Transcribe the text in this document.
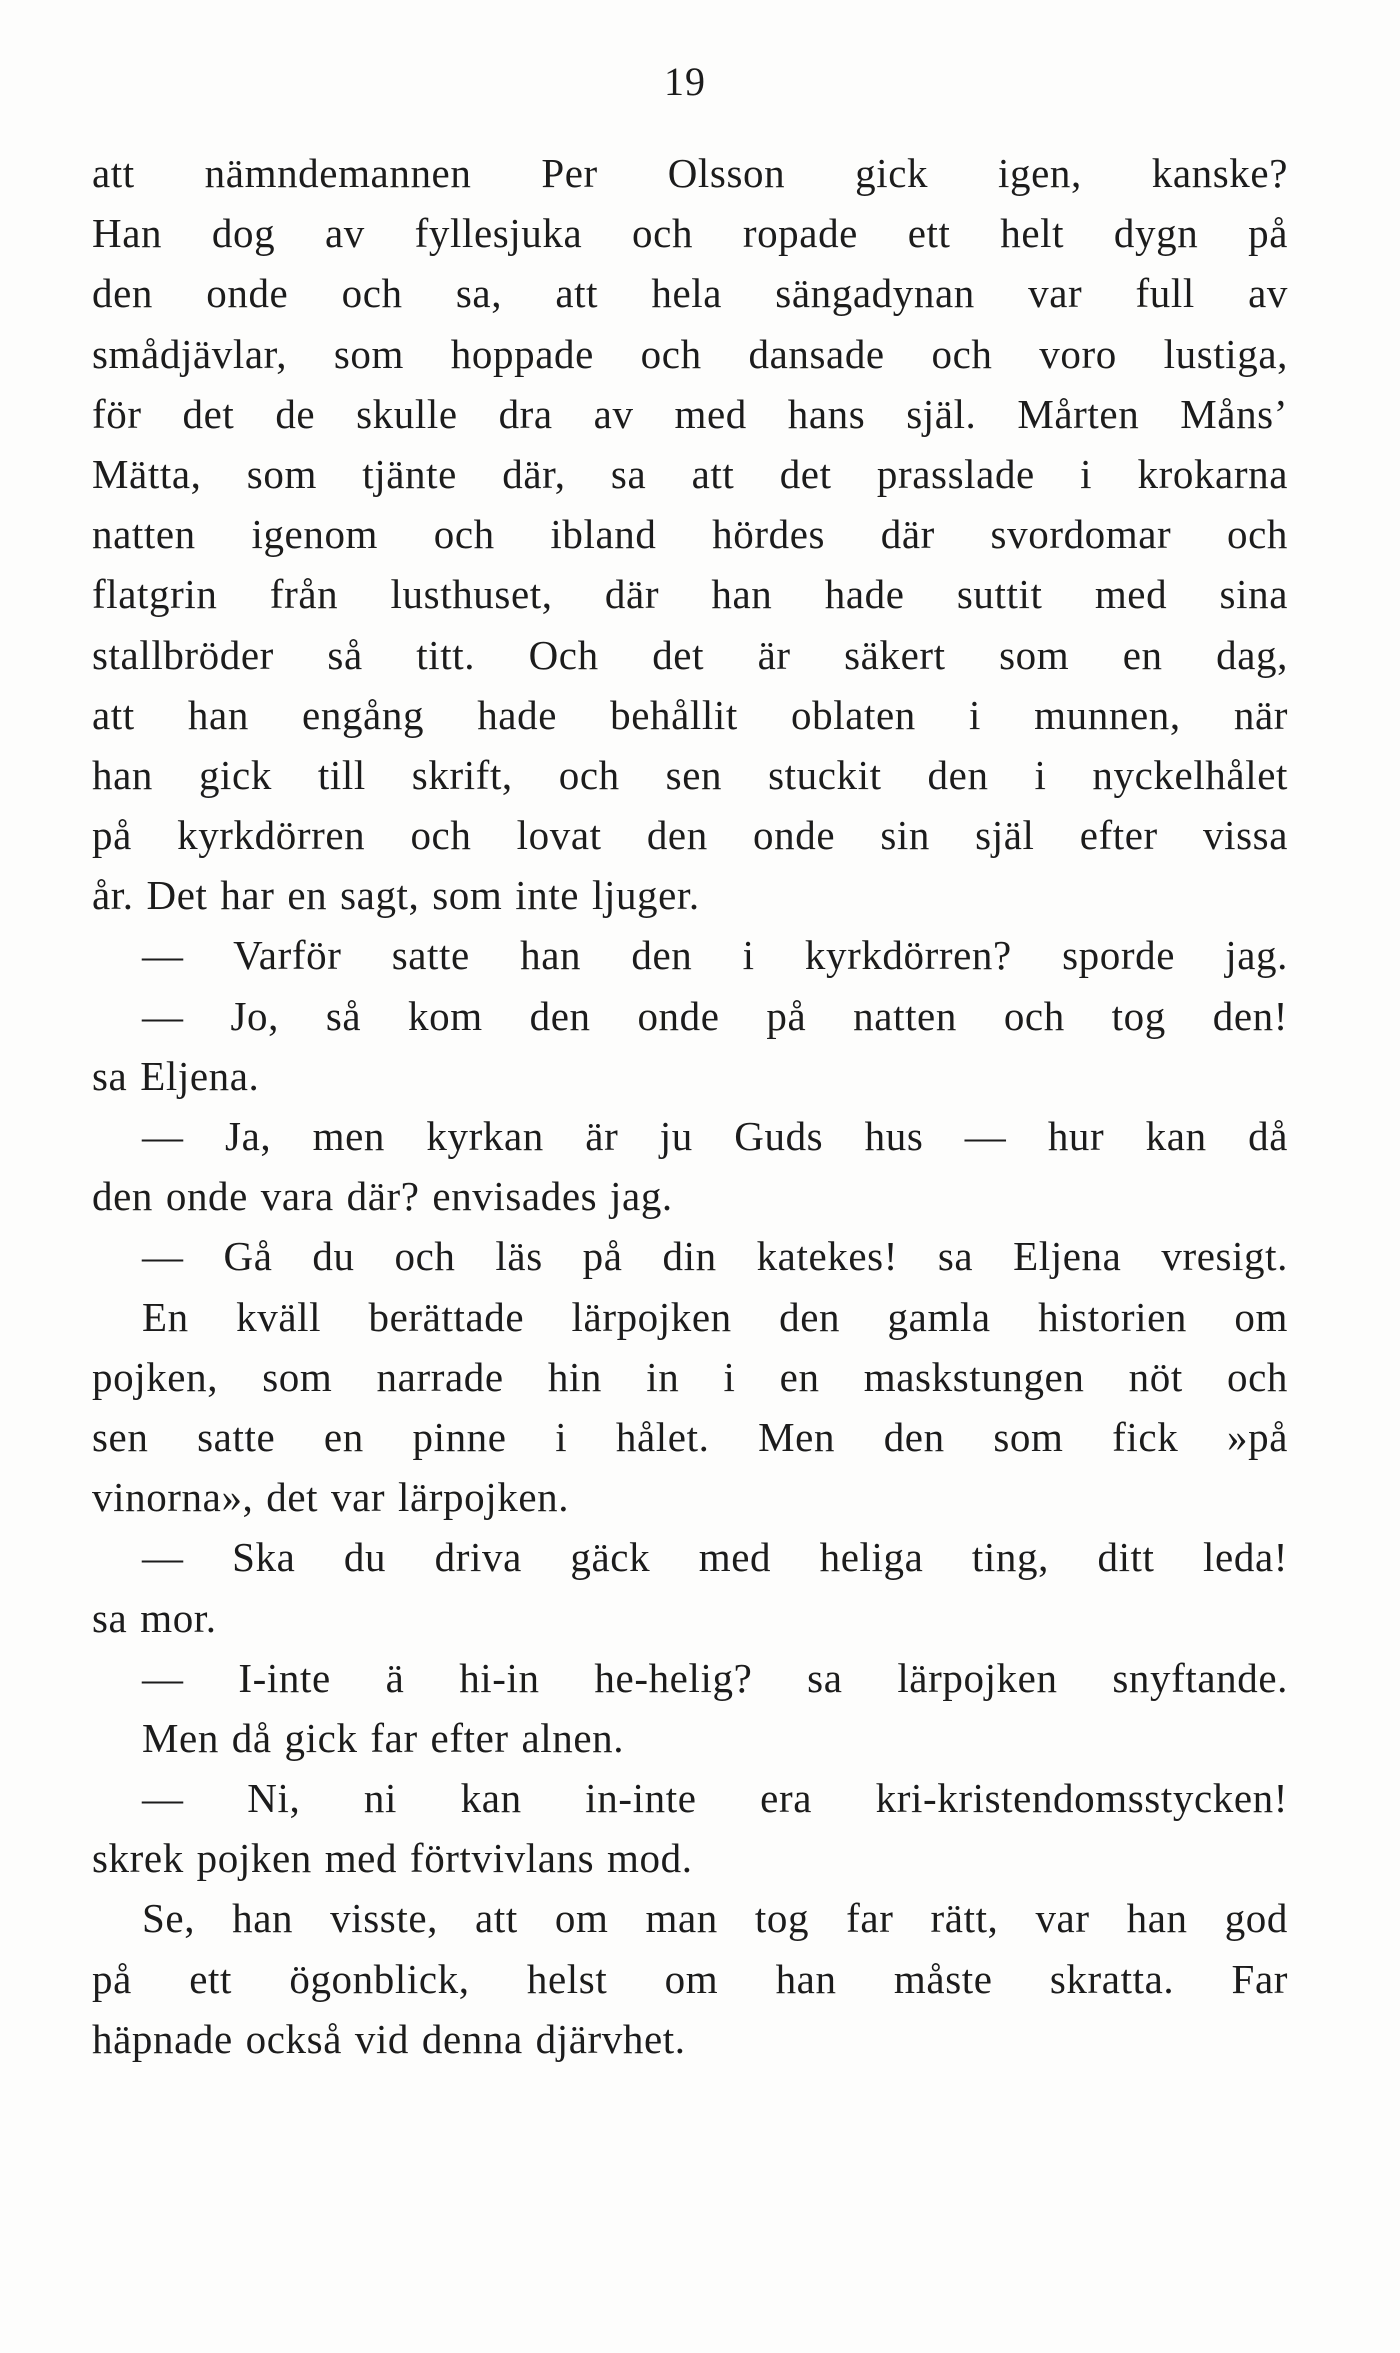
19
att nämndemannen Per Olsson gick igen, kanske?
Han dog av fyllesjuka och ropade ett helt dygn på
den onde och sa, att hela sängadynan var full av
smådjävlar, som hoppade och dansade och voro lustiga,
för det de skulle dra av med hans själ. Mårten Måns’
Mätta, som tjänte där, sa att det prasslade i krokarna
natten igenom och ibland hördes där svordomar och
flatgrin från lusthuset, där han hade suttit med sina
stallbröder så titt. Och det är säkert som en dag,
att han engång hade behållit oblaten i munnen, när
han gick till skrift, och sen stuckit den i nyckelhålet
på kyrkdörren och lovat den onde sin själ efter vissa
år. Det har en sagt, som inte ljuger.
— Varför satte han den i kyrkdörren? sporde jag.
— Jo, så kom den onde på natten och tog den!
sa Eljena.
— Ja, men kyrkan är ju Guds hus — hur kan då
den onde vara där? envisades jag.
— Gå du och läs på din katekes! sa Eljena vresigt.
En kväll berättade lärpojken den gamla historien om
pojken, som narrade hin in i en maskstungen nöt och
sen satte en pinne i hålet. Men den som fick »på
vinorna», det var lärpojken.
— Ska du driva gäck med heliga ting, ditt leda!
sa mor.
— I-inte ä hi-in he-helig? sa lärpojken snyftande.
Men då gick far efter alnen.
— Ni, ni kan in-inte era kri-kristendomsstycken!
skrek pojken med förtvivlans mod.
Se, han visste, att om man tog far rätt, var han god
på ett ögonblick, helst om han måste skratta. Far
häpnade också vid denna djärvhet.
